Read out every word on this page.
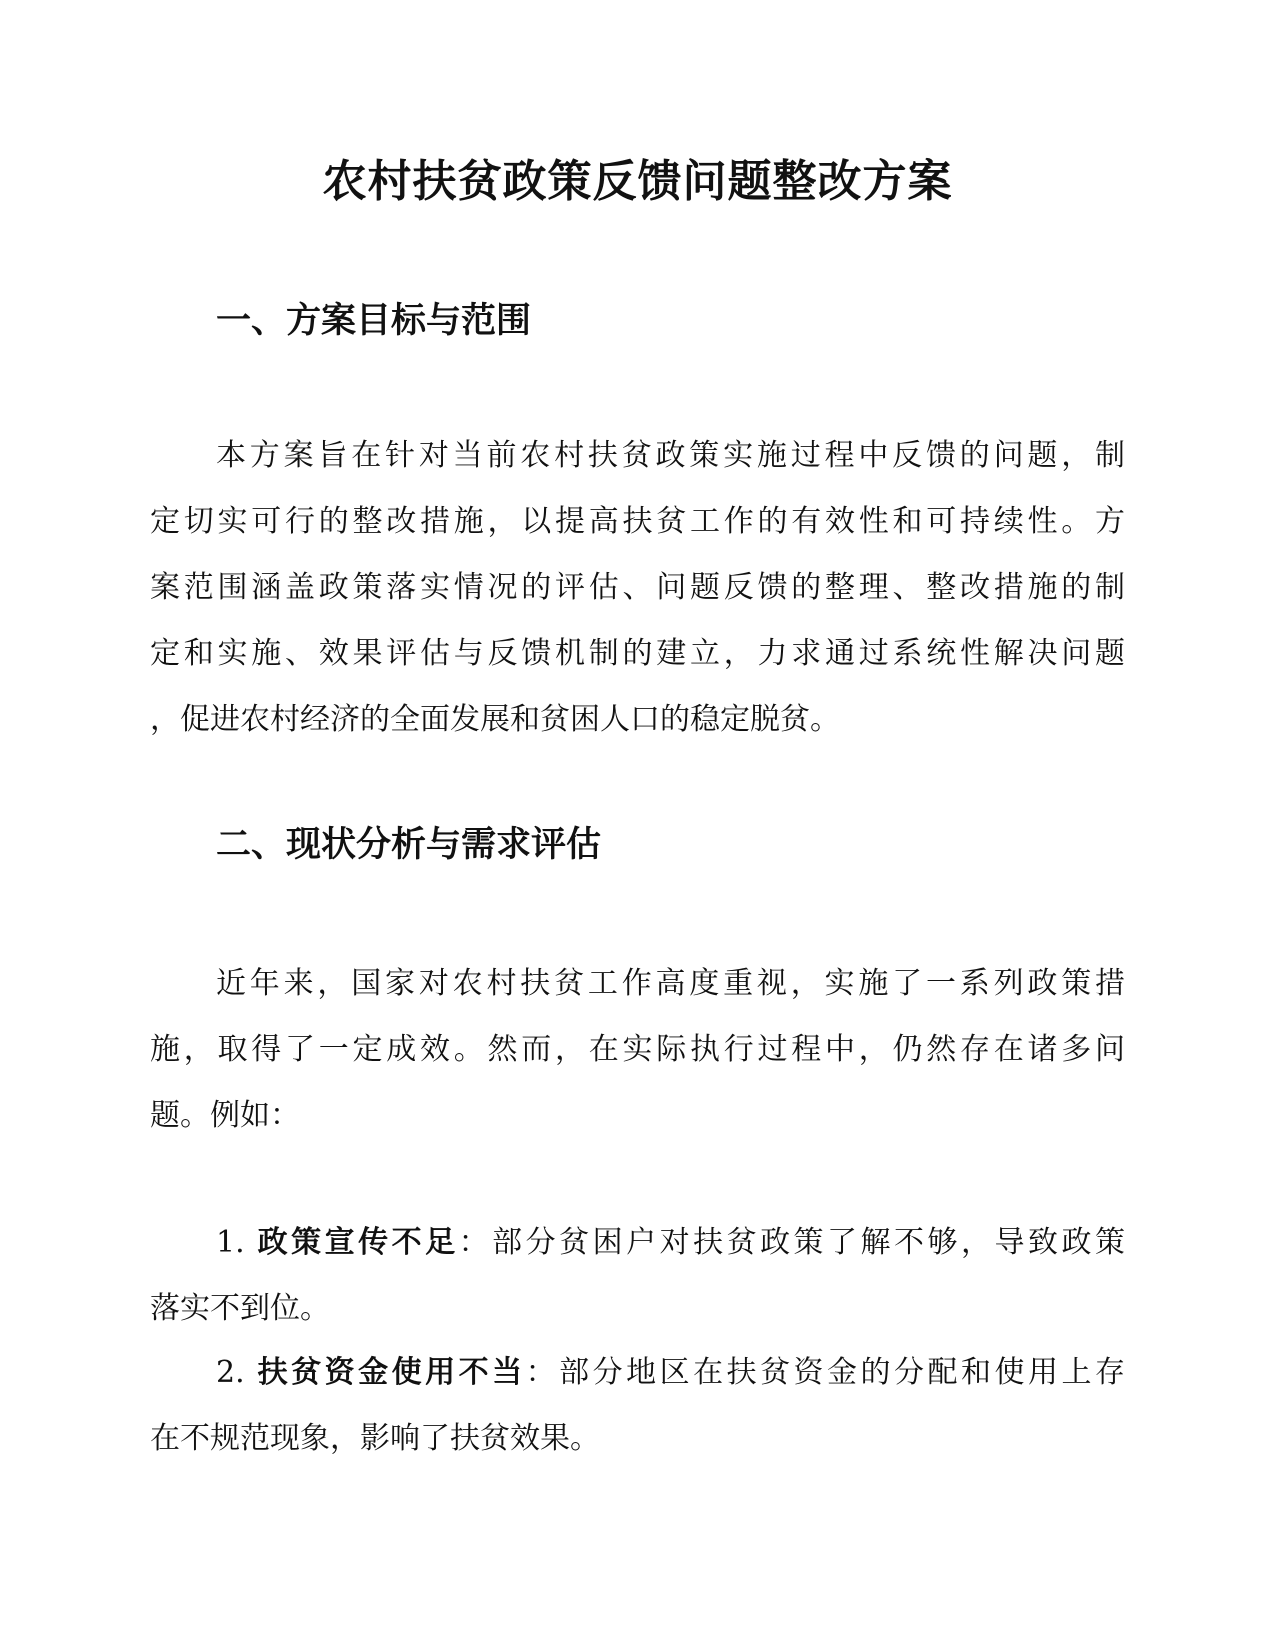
农村扶贫政策反馈问题整改方案
一、方案目标与范围
本方案旨在针对当前农村扶贫政策实施过程中反馈的问题，制
定切实可行的整改措施，以提高扶贫工作的有效性和可持续性。方
案范围涵盖政策落实情况的评估、问题反馈的整理、整改措施的制
定和实施、效果评估与反馈机制的建立，力求通过系统性解决问题
，促进农村经济的全面发展和贫困人口的稳定脱贫。
二、现状分析与需求评估
近年来，国家对农村扶贫工作高度重视，实施了一系列政策措
施，取得了一定成效。然而，在实际执行过程中，仍然存在诸多问
题。例如：
1. 政策宣传不足：部分贫困户对扶贫政策了解不够，导致政策
落实不到位。
2. 扶贫资金使用不当：部分地区在扶贫资金的分配和使用上存
在不规范现象，影响了扶贫效果。
